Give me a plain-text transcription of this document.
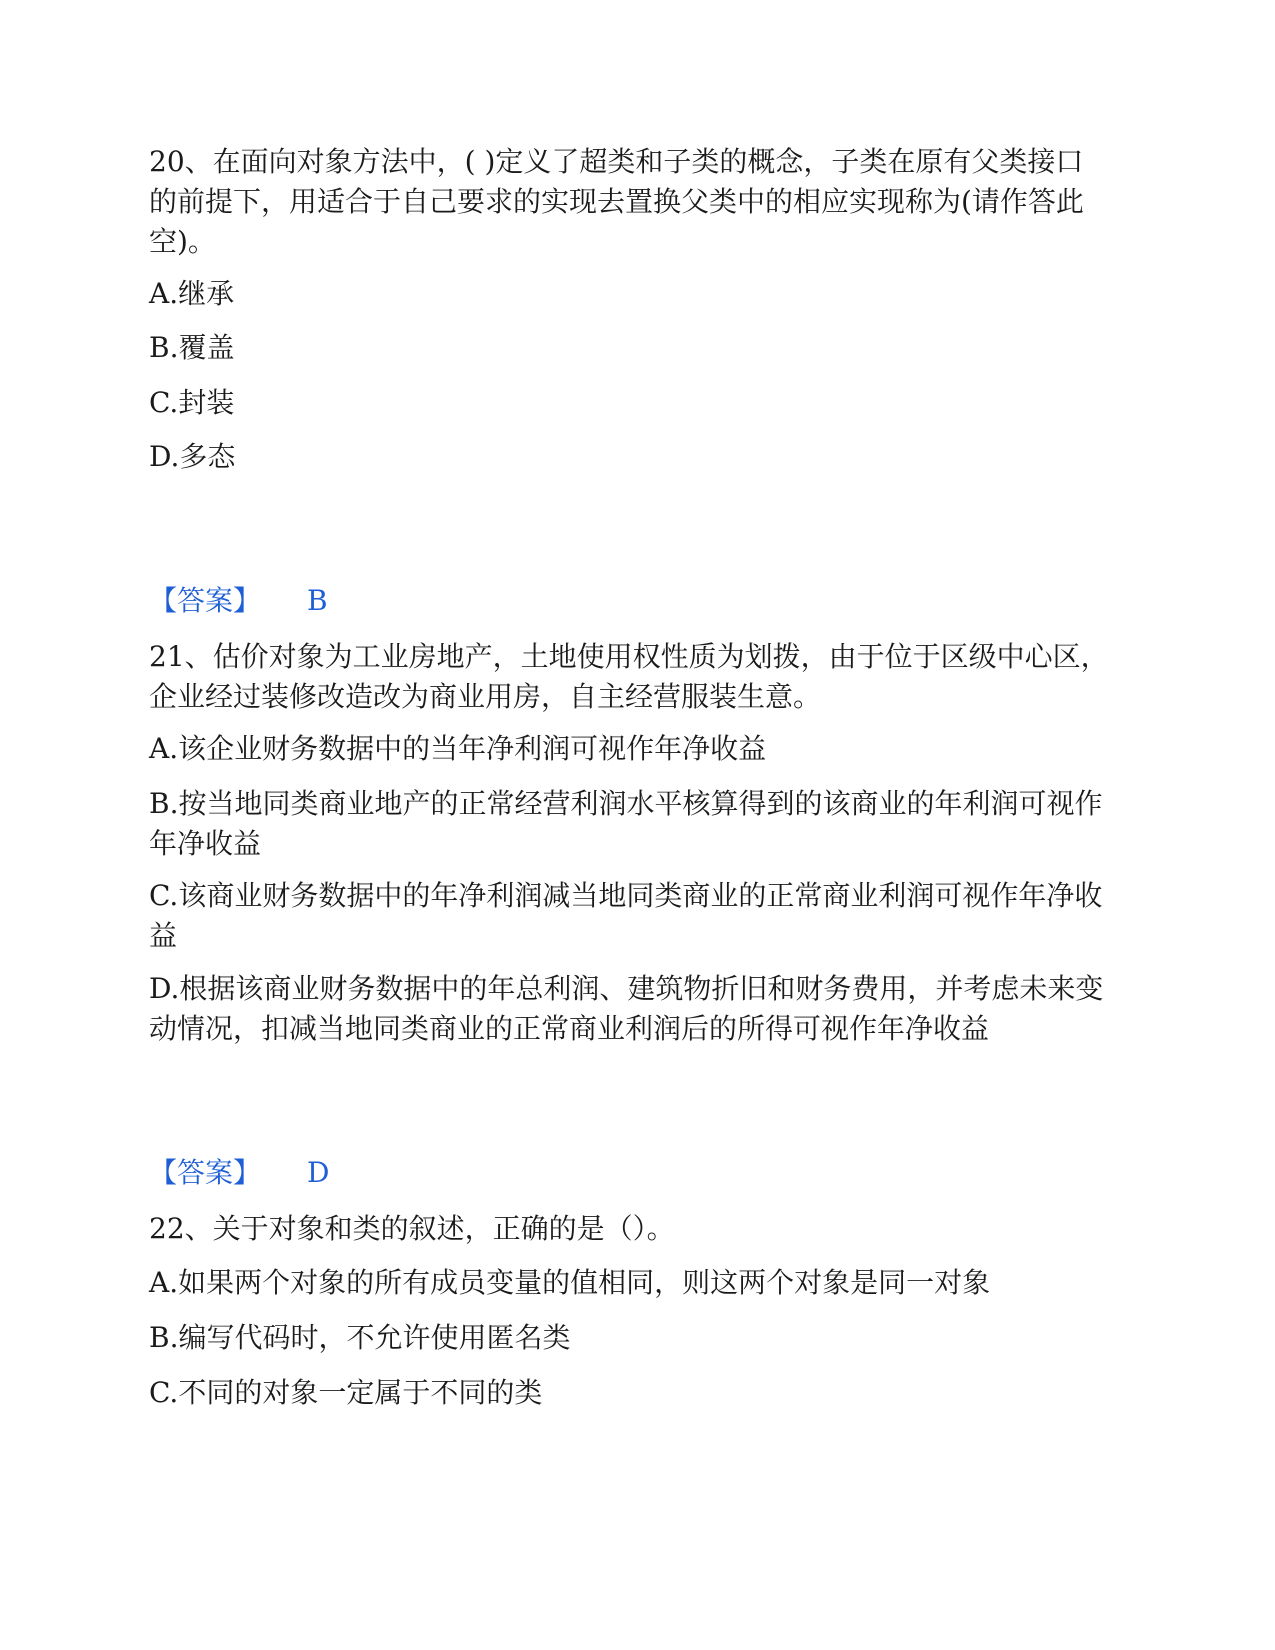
20、在面向对象方法中，( )定义了超类和子类的概念，子类在原有父类接口的前提下，用适合于自己要求的实现去置换父类中的相应实现称为(请作答此空)。

A.继承

B.覆盖

C.封装

D.多态

【答案】 B

21、估价对象为工业房地产，土地使用权性质为划拨，由于位于区级中心区，企业经过装修改造改为商业用房，自主经营服装生意。

A.该企业财务数据中的当年净利润可视作年净收益

B.按当地同类商业地产的正常经营利润水平核算得到的该商业的年利润可视作年净收益

C.该商业财务数据中的年净利润减当地同类商业的正常商业利润可视作年净收益

D.根据该商业财务数据中的年总利润、建筑物折旧和财务费用，并考虑未来变动情况，扣减当地同类商业的正常商业利润后的所得可视作年净收益

【答案】 D

22、关于对象和类的叙述，正确的是（）。

A.如果两个对象的所有成员变量的值相同，则这两个对象是同一对象

B.编写代码时，不允许使用匿名类

C.不同的对象一定属于不同的类
